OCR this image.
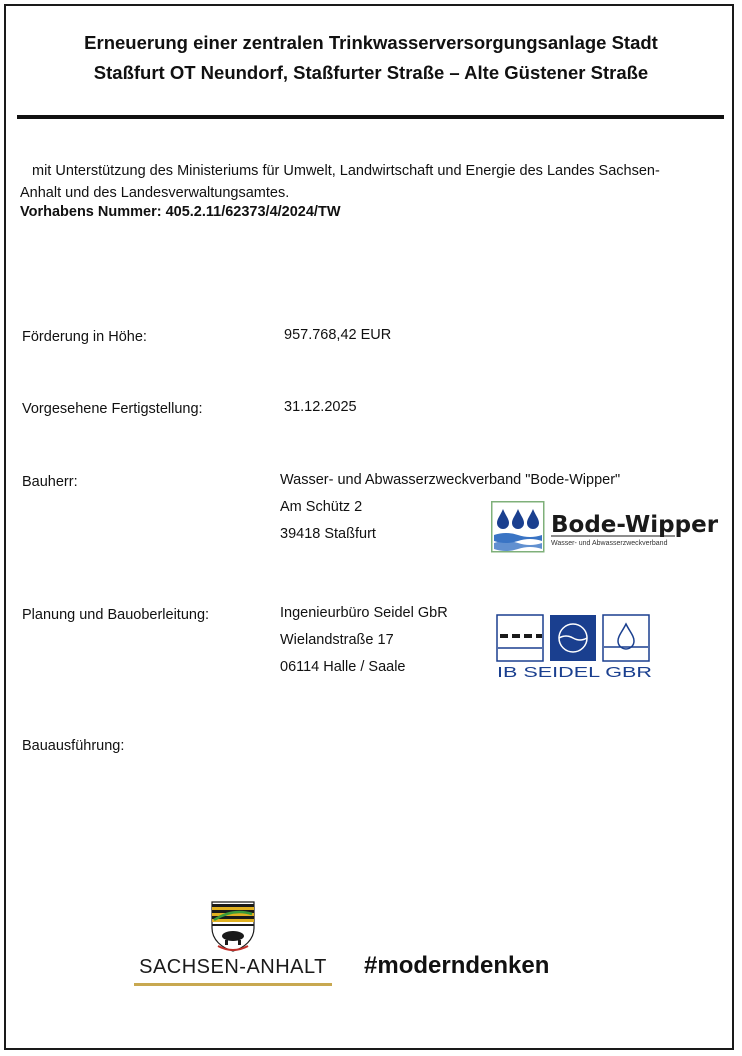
Erneuerung einer zentralen Trinkwasserversorgungsanlage Stadt
Staßfurt OT Neundorf, Staßfurter Straße – Alte Güstener Straße
mit Unterstützung des Ministeriums für Umwelt, Landwirtschaft und Energie des Landes Sachsen-
Anhalt und des Landesverwaltungsamtes.
Vorhabens Nummer: 405.2.11/62373/4/2024/TW
Förderung in Höhe:	957.768,42 EUR
Vorgesehene Fertigstellung:	31.12.2025
Bauherr:	Wasser- und Abwasserzweckverband "Bode-Wipper"
Am Schütz 2
39418 Staßfurt	Bode-Wipper
Wasser- und Abwasserzweckverband
Planung und Bauoberleitung:	Ingenieurbüro Seidel GbR
Wielandstraße 17
06114 Halle / Saale	IB SEIDEL GBR
Bauausführung:
SACHSEN-ANHALT #moderndenken
